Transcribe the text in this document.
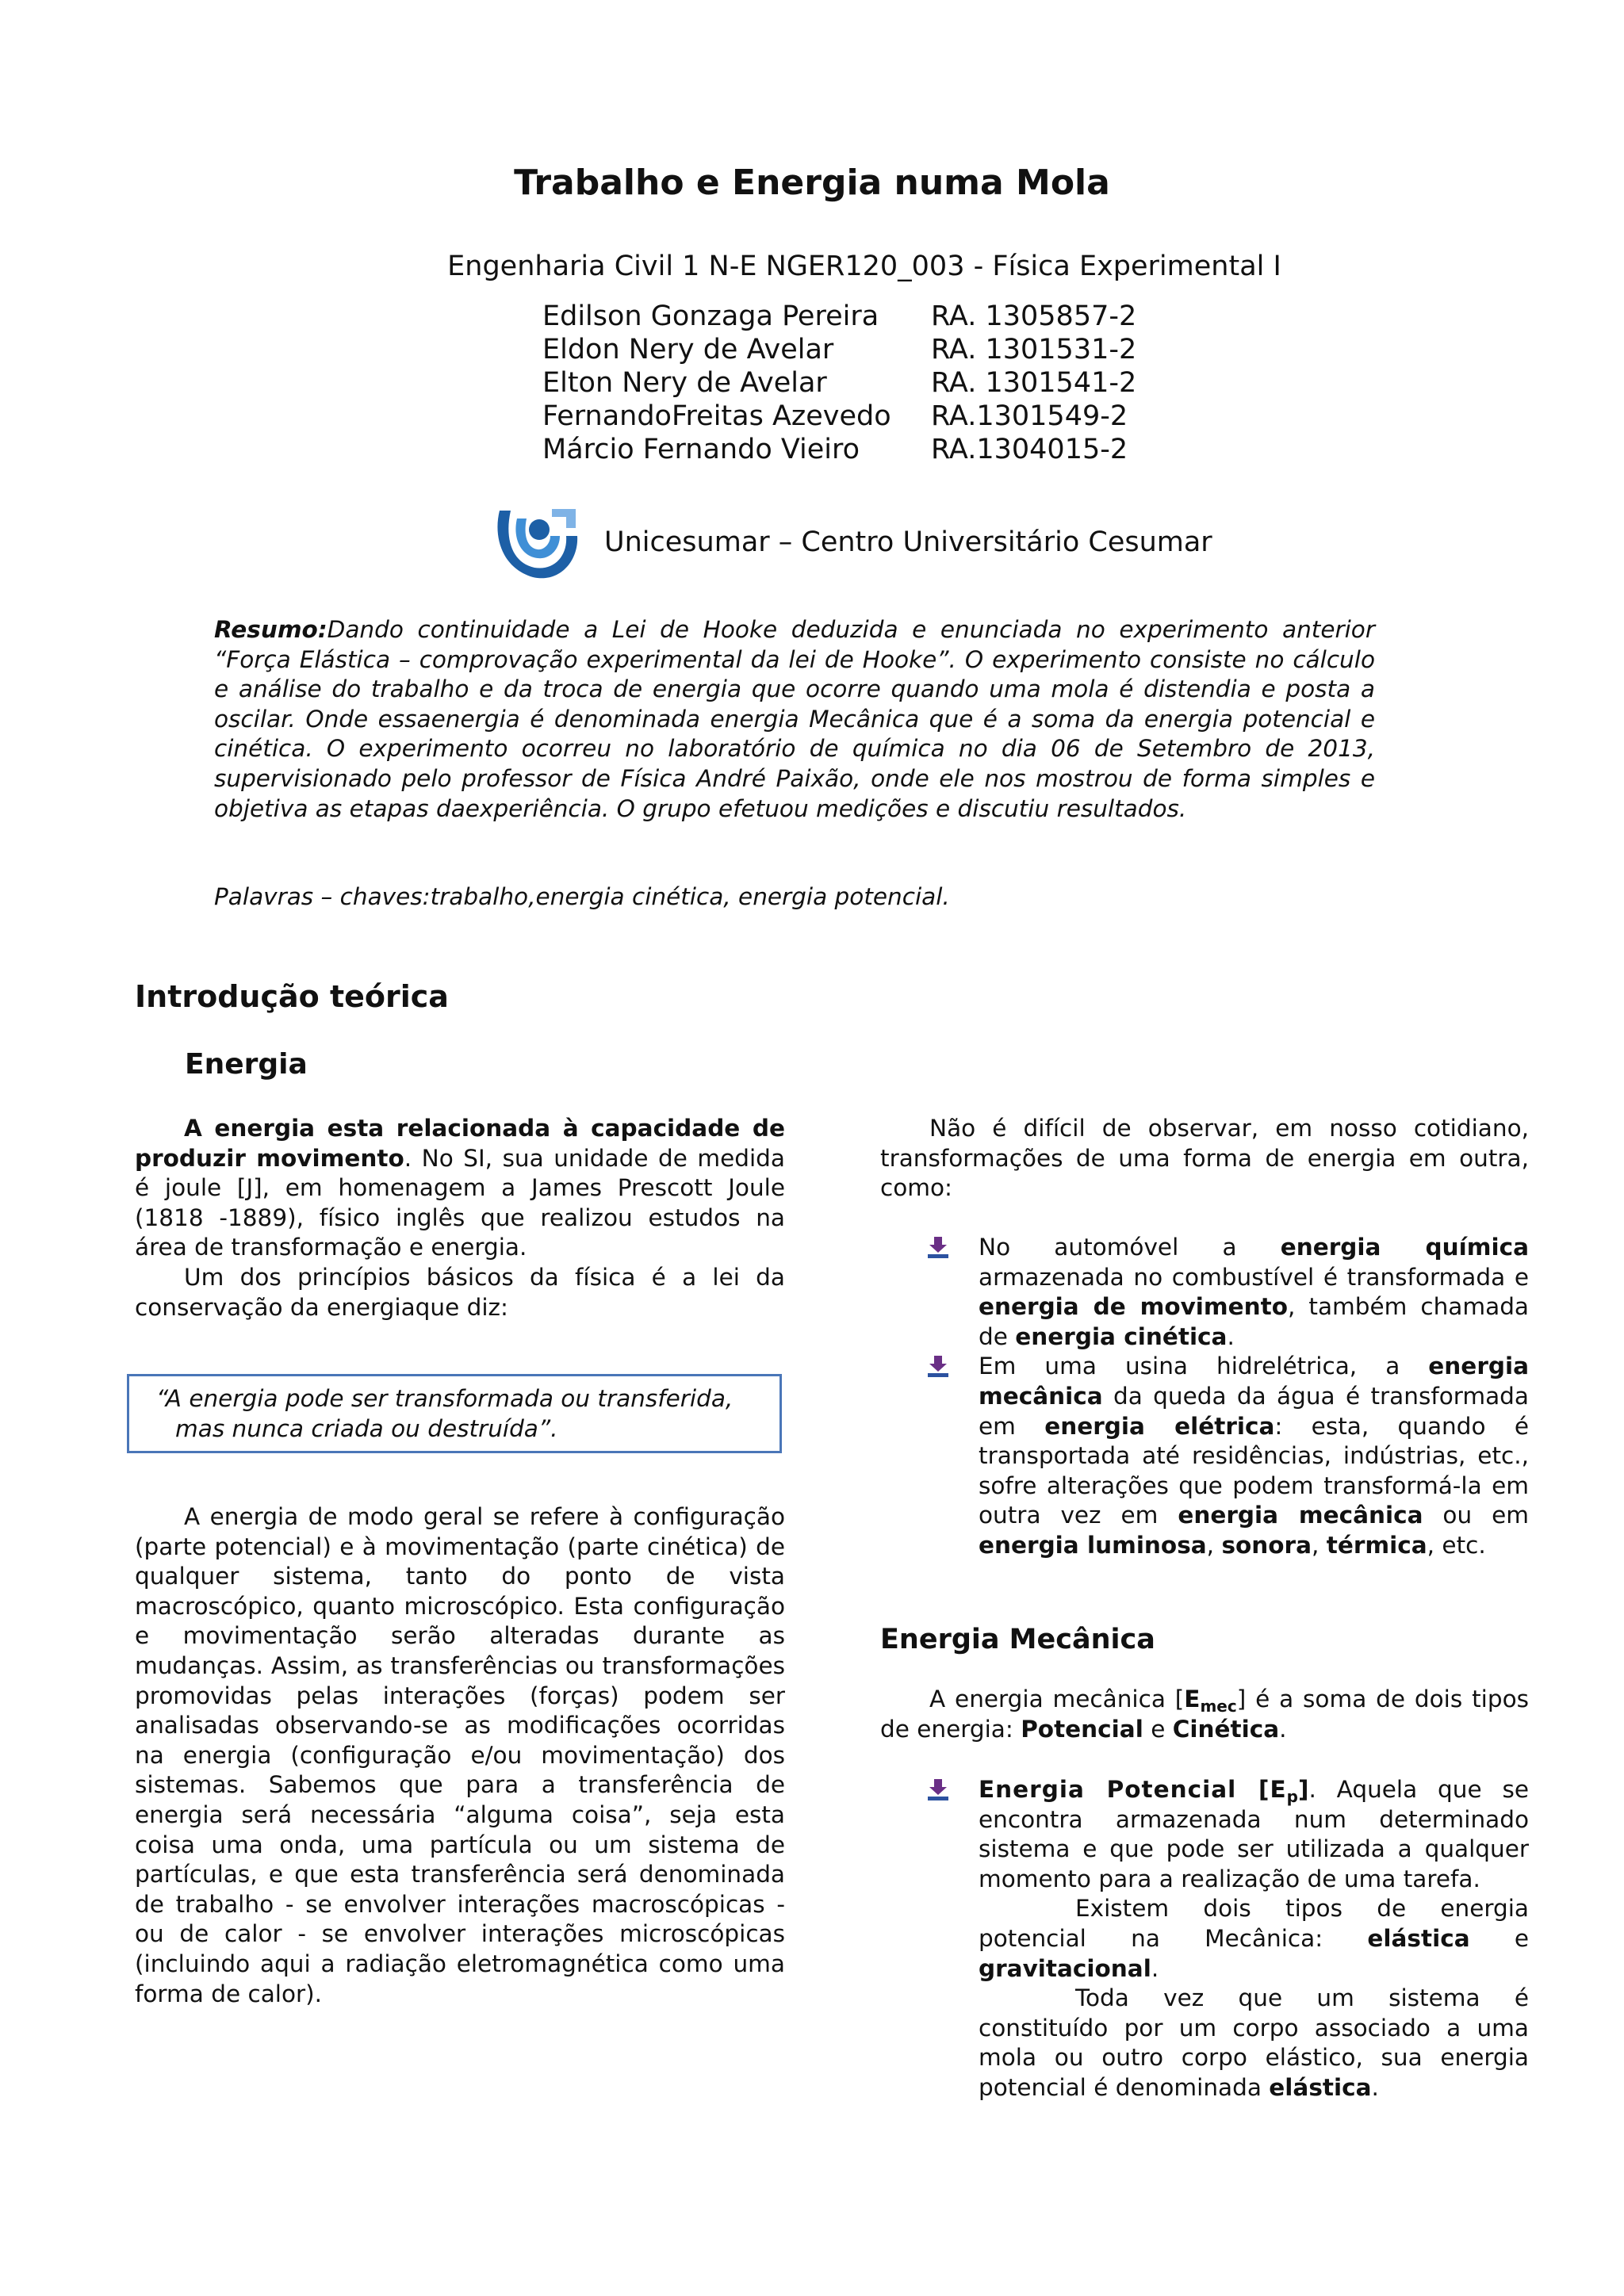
Trabalho e Energia numa Mola
Engenharia Civil 1 N-E NGER120_003 - Física Experimental I
Edilson Gonzaga Pereira	RA. 1305857-2
Eldon Nery de Avelar	RA. 1301531-2
Elton Nery de Avelar	RA. 1301541-2
FernandoFreitas Azevedo	RA.1301549-2
Márcio Fernando Vieiro	RA.1304015-2
Unicesumar – Centro Universitário Cesumar

Resumo:Dando continuidade a Lei de Hooke deduzida e enunciada no experimento anterior “Força Elástica – comprovação experimental da lei de Hooke”. O experimento consiste no cálculo e análise do trabalho e da troca de energia que ocorre quando uma mola é distendia e posta a oscilar. Onde essaenergia é denominada energia Mecânica que é a soma da energia potencial e cinética. O experimento ocorreu no laboratório de química no dia 06 de Setembro de 2013, supervisionado pelo professor de Física André Paixão, onde ele nos mostrou de forma simples e objetiva as etapas daexperiência. O grupo efetuou medições e discutiu resultados.

Palavras – chaves:trabalho,energia cinética, energia potencial.
Introdução teórica
Energia

A energia esta relacionada à capacidade de produzir movimento. No SI, sua unidade de medida é joule [J], em homenagem a James Prescott Joule (1818 -1889), físico inglês que realizou estudos na área de transformação e energia.

Um dos princípios básicos da física é a lei da conservação da energiaque diz:

“A energia pode ser transformada ou transferida,
mas nunca criada ou destruída”.

A energia de modo geral se refere à configuração (parte potencial) e à movimentação (parte cinética) de qualquer sistema, tanto do ponto de vista macroscópico, quanto microscópico. Esta configuração e movimentação serão alteradas durante as mudanças. Assim, as transferências ou transformações promovidas pelas interações (forças) podem ser analisadas observando-se as modificações ocorridas na energia (configuração e/ou movimentação) dos sistemas. Sabemos que para a transferência de energia será necessária “alguma coisa”, seja esta coisa uma onda, uma partícula ou um sistema de partículas, e que esta transferência será denominada de trabalho - se envolver interações macroscópicas - ou de calor - se envolver interações microscópicas (incluindo aqui a radiação eletromagnética como uma forma de calor).

Não é difícil de observar, em nosso cotidiano, transformações de uma forma de energia em outra, como:

No automóvel a energia química armazenada no combustível é transformada e energia de movimento, também chamada de energia cinética.

Em uma usina hidrelétrica, a energia mecânica da queda da água é transformada em energia elétrica: esta, quando é transportada até residências, indústrias, etc., sofre alterações que podem transformá-la em outra vez em energia mecânica ou em energia luminosa, sonora, térmica, etc.

Energia Mecânica

A energia mecânica $[E_{mec}]$ é a soma de dois tipos de energia: Potencial e Cinética.

Energia Potencial $[E_p]$. Aquela que se encontra armazenada num determinado sistema e que pode ser utilizada a qualquer momento para a realização de uma tarefa.

Existem dois tipos de energia potencial na Mecânica: elástica e gravitacional.

Toda vez que um sistema é constituído por um corpo associado a uma mola ou outro corpo elástico, sua energia potencial é denominada elástica.
